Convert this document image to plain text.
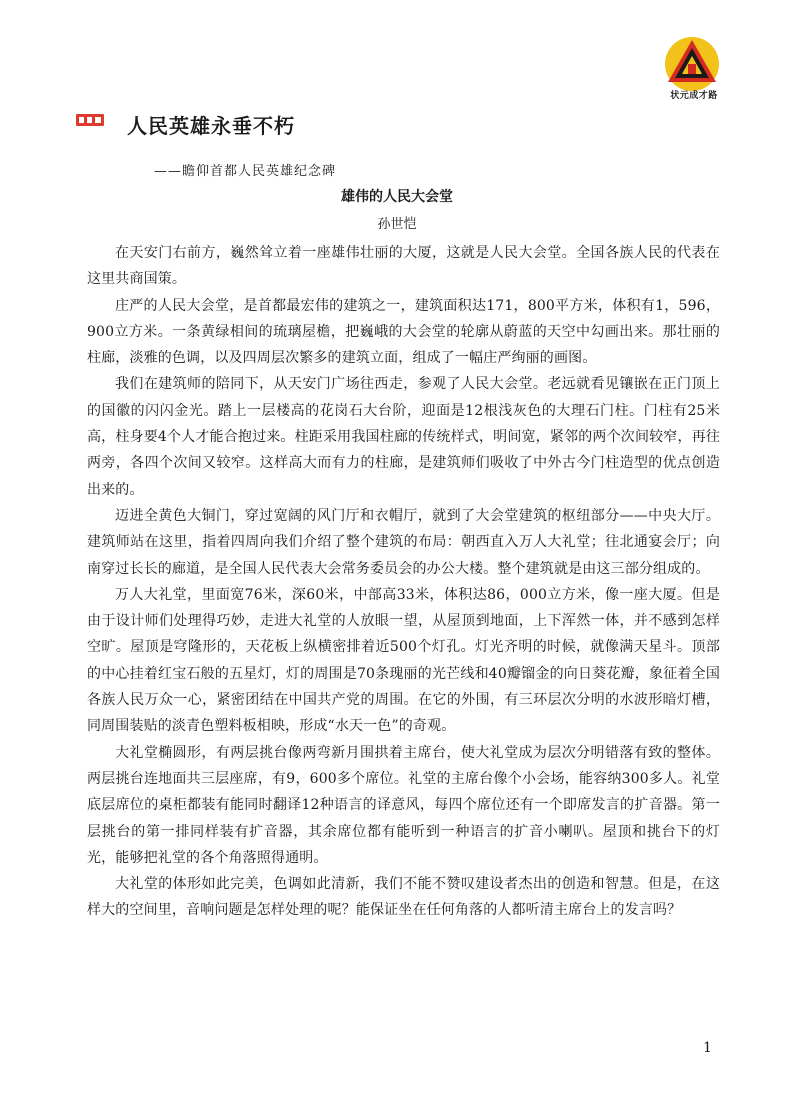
状元成才路
人民英雄永垂不朽
——瞻仰首都人民英雄纪念碑
雄伟的人民大会堂
孙世恺

在天安门右前方，巍然耸立着一座雄伟壮丽的大厦，这就是人民大会堂。全国各族人民的代表在这里共商国策。

庄严的人民大会堂，是首都最宏伟的建筑之一，建筑面积达171，800平方米，体积有1，596，900立方米。一条黄绿相间的琉璃屋檐，把巍峨的大会堂的轮廓从蔚蓝的天空中勾画出来。那壮丽的柱廊，淡雅的色调，以及四周层次繁多的建筑立面，组成了一幅庄严绚丽的画图。

我们在建筑师的陪同下，从天安门广场往西走，参观了人民大会堂。老远就看见镶嵌在正门顶上的国徽的闪闪金光。踏上一层楼高的花岗石大台阶，迎面是12根浅灰色的大理石门柱。门柱有25米高，柱身要4个人才能合抱过来。柱距采用我国柱廊的传统样式，明间宽，紧邻的两个次间较窄，再往两旁，各四个次间又较窄。这样高大而有力的柱廊，是建筑师们吸收了中外古今门柱造型的优点创造出来的。

迈进全黄色大铜门，穿过宽阔的风门厅和衣帽厅，就到了大会堂建筑的枢纽部分——中央大厅。建筑师站在这里，指着四周向我们介绍了整个建筑的布局：朝西直入万人大礼堂；往北通宴会厅；向南穿过长长的廊道，是全国人民代表大会常务委员会的办公大楼。整个建筑就是由这三部分组成的。

万人大礼堂，里面宽76米，深60米，中部高33米，体积达86，000立方米，像一座大厦。但是由于设计师们处理得巧妙，走进大礼堂的人放眼一望，从屋顶到地面，上下浑然一体，并不感到怎样空旷。屋顶是穹隆形的，天花板上纵横密排着近500个灯孔。灯光齐明的时候，就像满天星斗。顶部的中心挂着红宝石般的五星灯，灯的周围是70条瑰丽的光芒线和40瓣镏金的向日葵花瓣，象征着全国各族人民万众一心，紧密团结在中国共产党的周围。在它的外围，有三环层次分明的水波形暗灯槽，同周围装贴的淡青色塑料板相映，形成“水天一色”的奇观。

大礼堂椭圆形，有两层挑台像两弯新月围拱着主席台，使大礼堂成为层次分明错落有致的整体。两层挑台连地面共三层座席，有9，600多个席位。礼堂的主席台像个小会场，能容纳300多人。礼堂底层席位的桌柜都装有能同时翻译12种语言的译意风，每四个席位还有一个即席发言的扩音器。第一层挑台的第一排同样装有扩音器，其余席位都有能听到一种语言的扩音小喇叭。屋顶和挑台下的灯光，能够把礼堂的各个角落照得通明。

大礼堂的体形如此完美，色调如此清新，我们不能不赞叹建设者杰出的创造和智慧。但是，在这样大的空间里，音响问题是怎样处理的呢？能保证坐在任何角落的人都听清主席台上的发言吗？

1
